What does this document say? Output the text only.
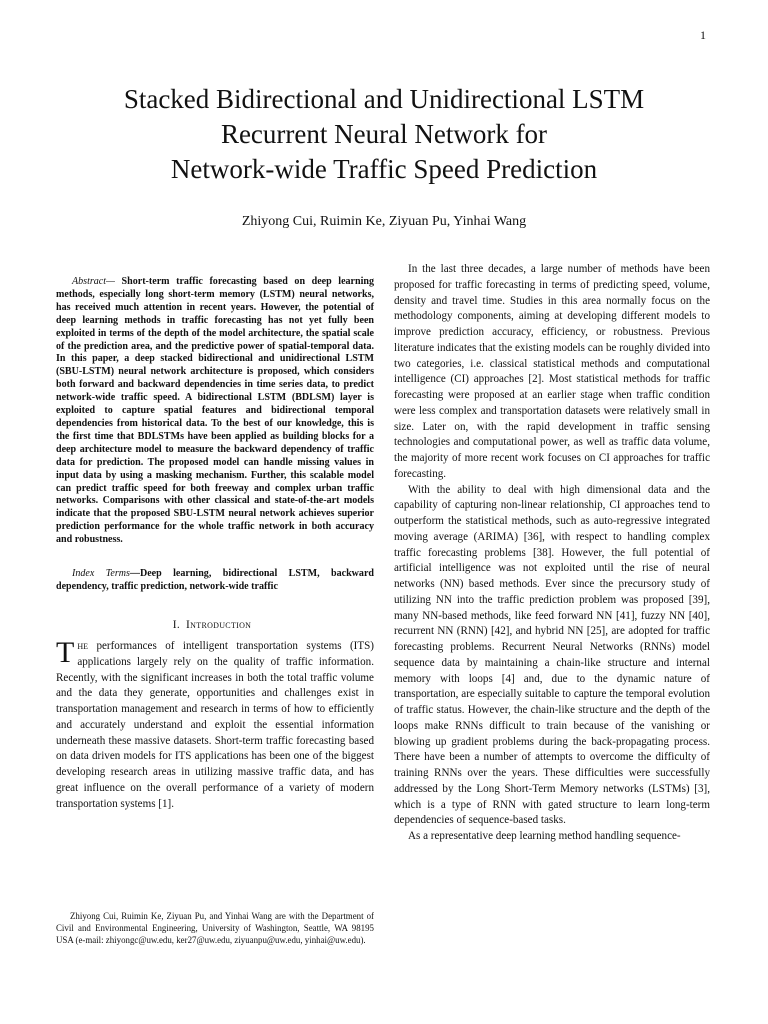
1
Stacked Bidirectional and Unidirectional LSTM
Recurrent Neural Network for
Network-wide Traffic Speed Prediction
Zhiyong Cui, Ruimin Ke, Ziyuan Pu, Yinhai Wang

Abstract— Short-term traffic forecasting based on deep learning methods, especially long short-term memory (LSTM) neural networks, has received much attention in recent years. However, the potential of deep learning methods in traffic forecasting has not yet fully been exploited in terms of the depth of the model architecture, the spatial scale of the prediction area, and the predictive power of spatial-temporal data. In this paper, a deep stacked bidirectional and unidirectional LSTM (SBU-LSTM) neural network architecture is proposed, which considers both forward and backward dependencies in time series data, to predict network-wide traffic speed. A bidirectional LSTM (BDLSM) layer is exploited to capture spatial features and bidirectional temporal dependencies from historical data. To the best of our knowledge, this is the first time that BDLSTMs have been applied as building blocks for a deep architecture model to measure the backward dependency of traffic data for prediction. The proposed model can handle missing values in input data by using a masking mechanism. Further, this scalable model can predict traffic speed for both freeway and complex urban traffic networks. Comparisons with other classical and state-of-the-art models indicate that the proposed SBU-LSTM neural network achieves superior prediction performance for the whole traffic network in both accuracy and robustness.

Index Terms—Deep learning, bidirectional LSTM, backward dependency, traffic prediction, network-wide traffic

I. Introduction

The performances of intelligent transportation systems (ITS) applications largely rely on the quality of traffic information. Recently, with the significant increases in both the total traffic volume and the data they generate, opportunities and challenges exist in transportation management and research in terms of how to efficiently and accurately understand and exploit the essential information underneath these massive datasets. Short-term traffic forecasting based on data driven models for ITS applications has been one of the biggest developing research areas in utilizing massive traffic data, and has great influence on the overall performance of a variety of modern transportation systems [1].

Zhiyong Cui, Ruimin Ke, Ziyuan Pu, and Yinhai Wang are with the Department of Civil and Environmental Engineering, University of Washington, Seattle, WA 98195 USA (e-mail: zhiyongc@uw.edu, ker27@uw.edu, ziyuanpu@uw.edu, yinhai@uw.edu).

In the last three decades, a large number of methods have been proposed for traffic forecasting in terms of predicting speed, volume, density and travel time. Studies in this area normally focus on the methodology components, aiming at developing different models to improve prediction accuracy, efficiency, or robustness. Previous literature indicates that the existing models can be roughly divided into two categories, i.e. classical statistical methods and computational intelligence (CI) approaches [2]. Most statistical methods for traffic forecasting were proposed at an earlier stage when traffic condition were less complex and transportation datasets were relatively small in size. Later on, with the rapid development in traffic sensing technologies and computational power, as well as traffic data volume, the majority of more recent work focuses on CI approaches for traffic forecasting.

With the ability to deal with high dimensional data and the capability of capturing non-linear relationship, CI approaches tend to outperform the statistical methods, such as auto-regressive integrated moving average (ARIMA) [36], with respect to handling complex traffic forecasting problems [38]. However, the full potential of artificial intelligence was not exploited until the rise of neural networks (NN) based methods. Ever since the precursory study of utilizing NN into the traffic prediction problem was proposed [39], many NN-based methods, like feed forward NN [41], fuzzy NN [40], recurrent NN (RNN) [42], and hybrid NN [25], are adopted for traffic forecasting problems. Recurrent Neural Networks (RNNs) model sequence data by maintaining a chain-like structure and internal memory with loops [4] and, due to the dynamic nature of transportation, are especially suitable to capture the temporal evolution of traffic status. However, the chain-like structure and the depth of the loops make RNNs difficult to train because of the vanishing or blowing up gradient problems during the back-propagating process. There have been a number of attempts to overcome the difficulty of training RNNs over the years. These difficulties were successfully addressed by the Long Short-Term Memory networks (LSTMs) [3], which is a type of RNN with gated structure to learn long-term dependencies of sequence-based tasks.

As a representative deep learning method handling sequence-
